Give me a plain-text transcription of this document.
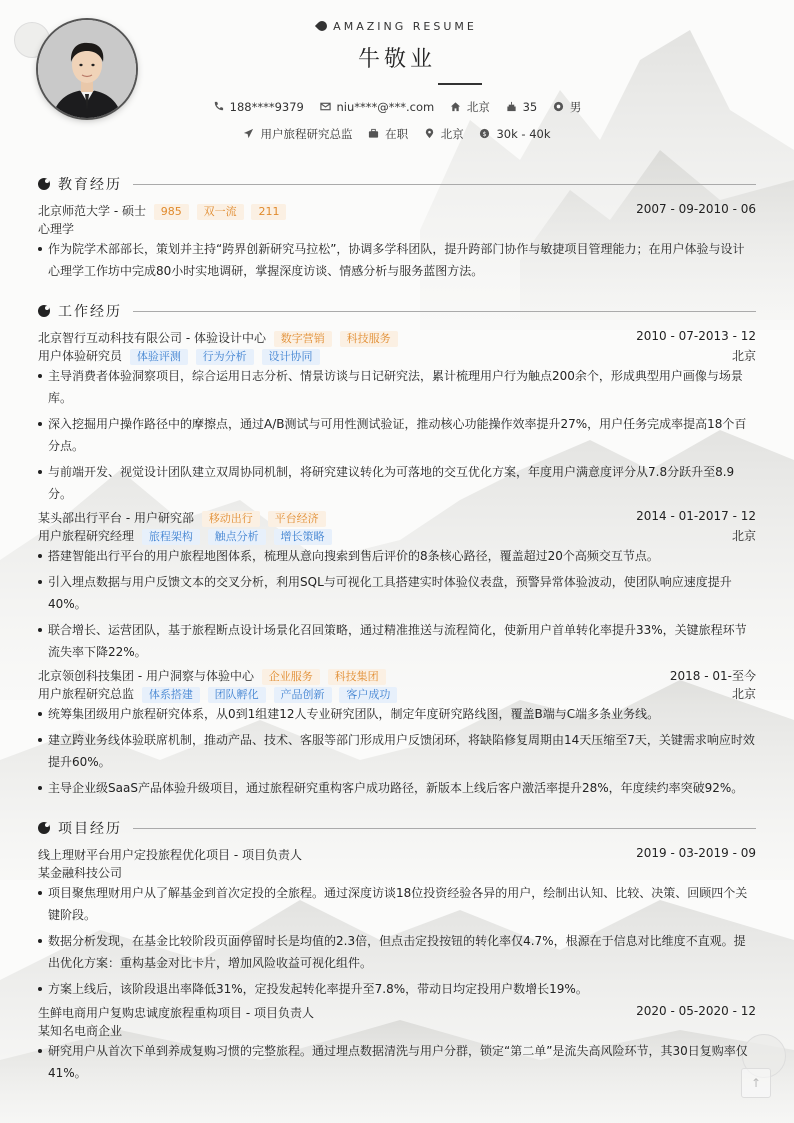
AMAZING RESUME
牛敬业
188****9379	niu****@***.com	北京	35	男
用户旅程研究总监	在职	北京	$ 30k - 40k
教育经历
北京师范大学 - 硕士 985 双一流 211	2007 - 09-2010 - 06
心理学
作为院学术部部长，策划并主持“跨界创新研究马拉松”，协调多学科团队，提升跨部门协作与敏捷项目管理能力；在用户体验与设计心理学工作坊中完成80小时实地调研，掌握深度访谈、情感分析与服务蓝图方法。
工作经历
北京智行互动科技有限公司 - 体验设计中心 数字营销 科技服务	2010 - 07-2013 - 12
用户体验研究员 体验评测 行为分析 设计协同	北京
主导消费者体验洞察项目，综合运用日志分析、情景访谈与日记研究法，累计梳理用户行为触点200余个，形成典型用户画像与场景库。
深入挖掘用户操作路径中的摩擦点，通过A/B测试与可用性测试验证，推动核心功能操作效率提升27%，用户任务完成率提高18个百分点。
与前端开发、视觉设计团队建立双周协同机制，将研究建议转化为可落地的交互优化方案，年度用户满意度评分从7.8分跃升至8.9分。
某头部出行平台 - 用户研究部 移动出行 平台经济	2014 - 01-2017 - 12
用户旅程研究经理 旅程架构 触点分析 增长策略	北京
搭建智能出行平台的用户旅程地图体系，梳理从意向搜索到售后评价的8条核心路径，覆盖超过20个高频交互节点。
引入埋点数据与用户反馈文本的交叉分析，利用SQL与可视化工具搭建实时体验仪表盘，预警异常体验波动，使团队响应速度提升40%。
联合增长、运营团队，基于旅程断点设计场景化召回策略，通过精准推送与流程简化，使新用户首单转化率提升33%，关键旅程环节流失率下降22%。
北京领创科技集团 - 用户洞察与体验中心 企业服务 科技集团	2018 - 01-至今
用户旅程研究总监 体系搭建 团队孵化 产品创新 客户成功	北京
统筹集团级用户旅程研究体系，从0到1组建12人专业研究团队，制定年度研究路线图，覆盖B端与C端多条业务线。
建立跨业务线体验联席机制，推动产品、技术、客服等部门形成用户反馈闭环，将缺陷修复周期由14天压缩至7天，关键需求响应时效提升60%。
主导企业级SaaS产品体验升级项目，通过旅程研究重构客户成功路径，新版本上线后客户激活率提升28%，年度续约率突破92%。
项目经历
线上理财平台用户定投旅程优化项目 - 项目负责人	2019 - 03-2019 - 09
某金融科技公司
项目聚焦理财用户从了解基金到首次定投的全旅程。通过深度访谈18位投资经验各异的用户，绘制出认知、比较、决策、回顾四个关键阶段。
数据分析发现，在基金比较阶段页面停留时长是均值的2.3倍，但点击定投按钮的转化率仅4.7%，根源在于信息对比维度不直观。提出优化方案：重构基金对比卡片，增加风险收益可视化组件。
方案上线后，该阶段退出率降低31%，定投发起转化率提升至7.8%，带动日均定投用户数增长19%。
生鲜电商用户复购忠诚度旅程重构项目 - 项目负责人	2020 - 05-2020 - 12
某知名电商企业
研究用户从首次下单到养成复购习惯的完整旅程。通过埋点数据清洗与用户分群，锁定“第二单”是流失高风险环节，其30日复购率仅41%。
↑
